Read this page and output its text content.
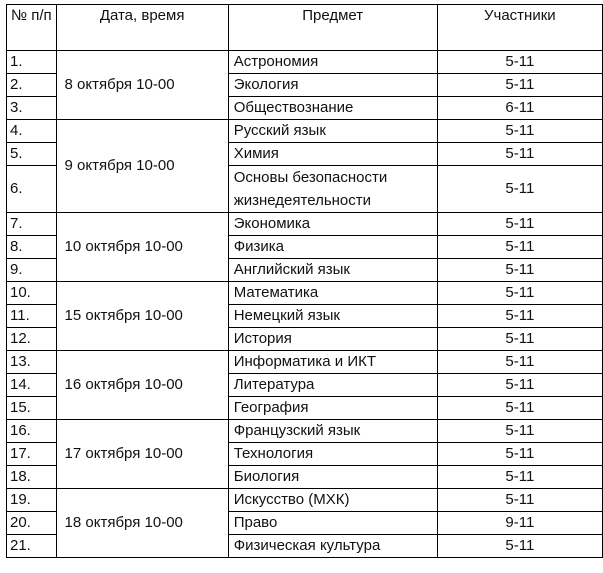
№ п/п	Дата, время	Предмет	Участники
1.	8 октября 10-00	Астрономия	5-11
2.		Экология	5-11
3.		Обществознание	6-11
4.	9 октября 10-00	Русский язык	5-11
5.		Химия	5-11
6.		Основы безопасности жизнедеятельности	5-11
7.	10 октября 10-00	Экономика	5-11
8.		Физика	5-11
9.		Английский язык	5-11
10.	15 октября 10-00	Математика	5-11
11.		Немецкий язык	5-11
12.		История	5-11
13.	16 октября 10-00	Информатика и ИКТ	5-11
14.		Литература	5-11
15.		География	5-11
16.	17 октября 10-00	Французский язык	5-11
17.		Технология	5-11
18.		Биология	5-11
19.	18 октября 10-00	Искусство (МХК)	5-11
20.		Право	9-11
21.		Физическая культура	5-11
